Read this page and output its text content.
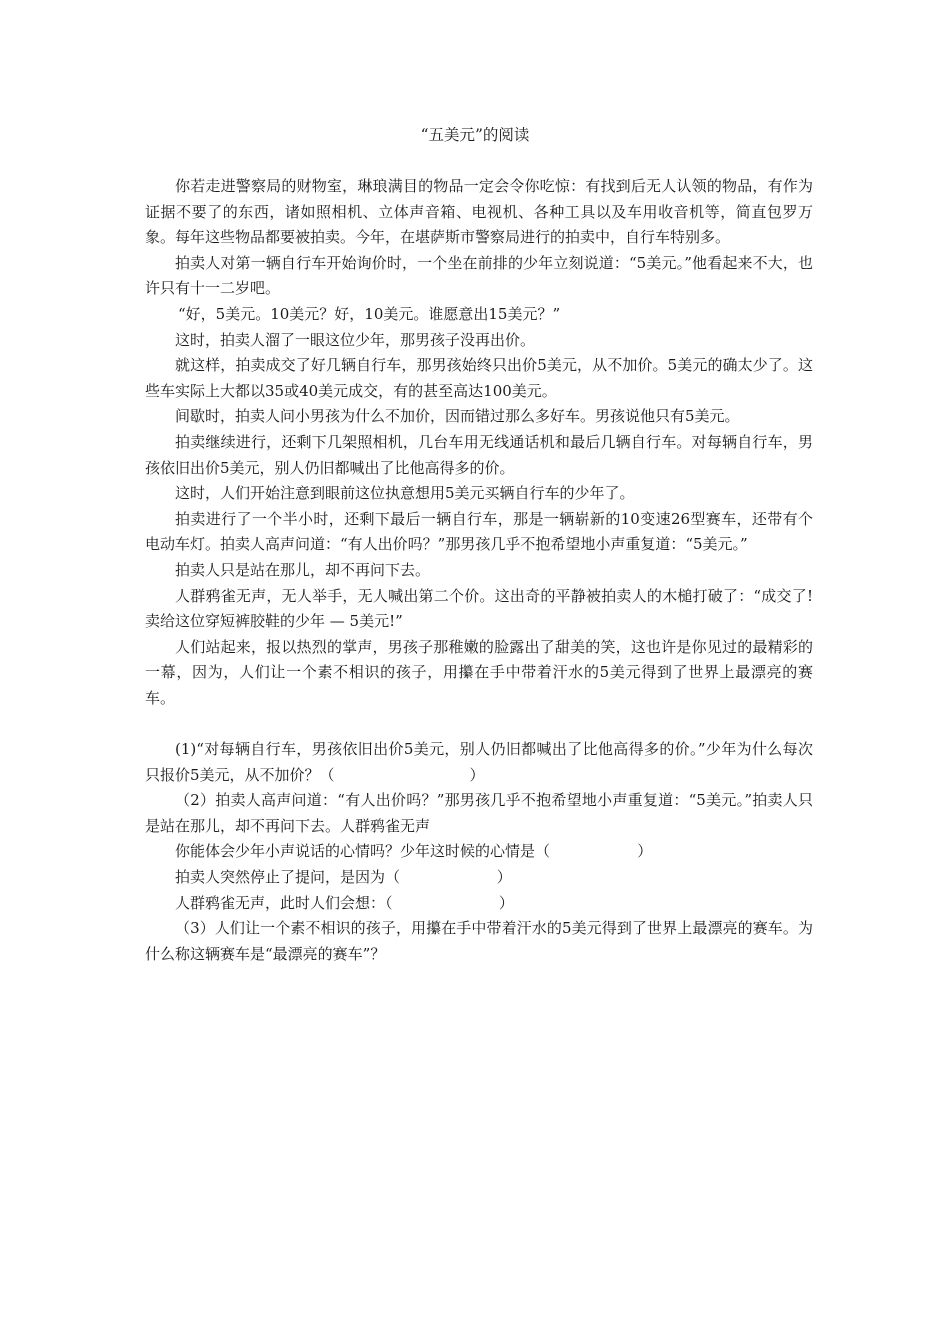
“五美元”的阅读

你若走进警察局的财物室，琳琅满目的物品一定会令你吃惊：有找到后无人认领的物品，有作为证据不要了的东西，诸如照相机、立体声音箱、电视机、各种工具以及车用收音机等，简直包罗万象。每年这些物品都要被拍卖。今年，在堪萨斯市警察局进行的拍卖中，自行车特别多。

拍卖人对第一辆自行车开始询价时，一个坐在前排的少年立刻说道：“5美元。”他看起来不大，也许只有十一二岁吧。

“好，5美元。10美元？好，10美元。谁愿意出15美元？”

这时，拍卖人溜了一眼这位少年，那男孩子没再出价。

就这样，拍卖成交了好几辆自行车，那男孩始终只出价5美元，从不加价。5美元的确太少了。这些车实际上大都以35或40美元成交，有的甚至高达100美元。

间歇时，拍卖人问小男孩为什么不加价，因而错过那么多好车。男孩说他只有5美元。

拍卖继续进行，还剩下几架照相机，几台车用无线通话机和最后几辆自行车。对每辆自行车，男孩依旧出价5美元，别人仍旧都喊出了比他高得多的价。

这时，人们开始注意到眼前这位执意想用5美元买辆自行车的少年了。

拍卖进行了一个半小时，还剩下最后一辆自行车，那是一辆崭新的10变速26型赛车，还带有个电动车灯。拍卖人高声问道：“有人出价吗？”那男孩几乎不抱希望地小声重复道：“5美元。”

拍卖人只是站在那儿，却不再问下去。

人群鸦雀无声，无人举手，无人喊出第二个价。这出奇的平静被拍卖人的木槌打破了：“成交了!卖给这位穿短裤胶鞋的少年 — 5美元!”

人们站起来，报以热烈的掌声，男孩子那稚嫩的脸露出了甜美的笑，这也许是你见过的最精彩的一幕，因为，人们让一个素不相识的孩子，用攥在手中带着汗水的5美元得到了世界上最漂亮的赛车。

(1)“对每辆自行车，男孩依旧出价5美元，别人仍旧都喊出了比他高得多的价。”少年为什么每次只报价5美元，从不加价？（	）

（2）拍卖人高声问道：“有人出价吗？”那男孩几乎不抱希望地小声重复道：“5美元。”拍卖人只是站在那儿，却不再问下去。人群鸦雀无声

你能体会少年小声说话的心情吗？少年这时候的心情是（	）

拍卖人突然停止了提问，是因为（	）

人群鸦雀无声，此时人们会想：（	）

（3）人们让一个素不相识的孩子，用攥在手中带着汗水的5美元得到了世界上最漂亮的赛车。为什么称这辆赛车是“最漂亮的赛车”？
